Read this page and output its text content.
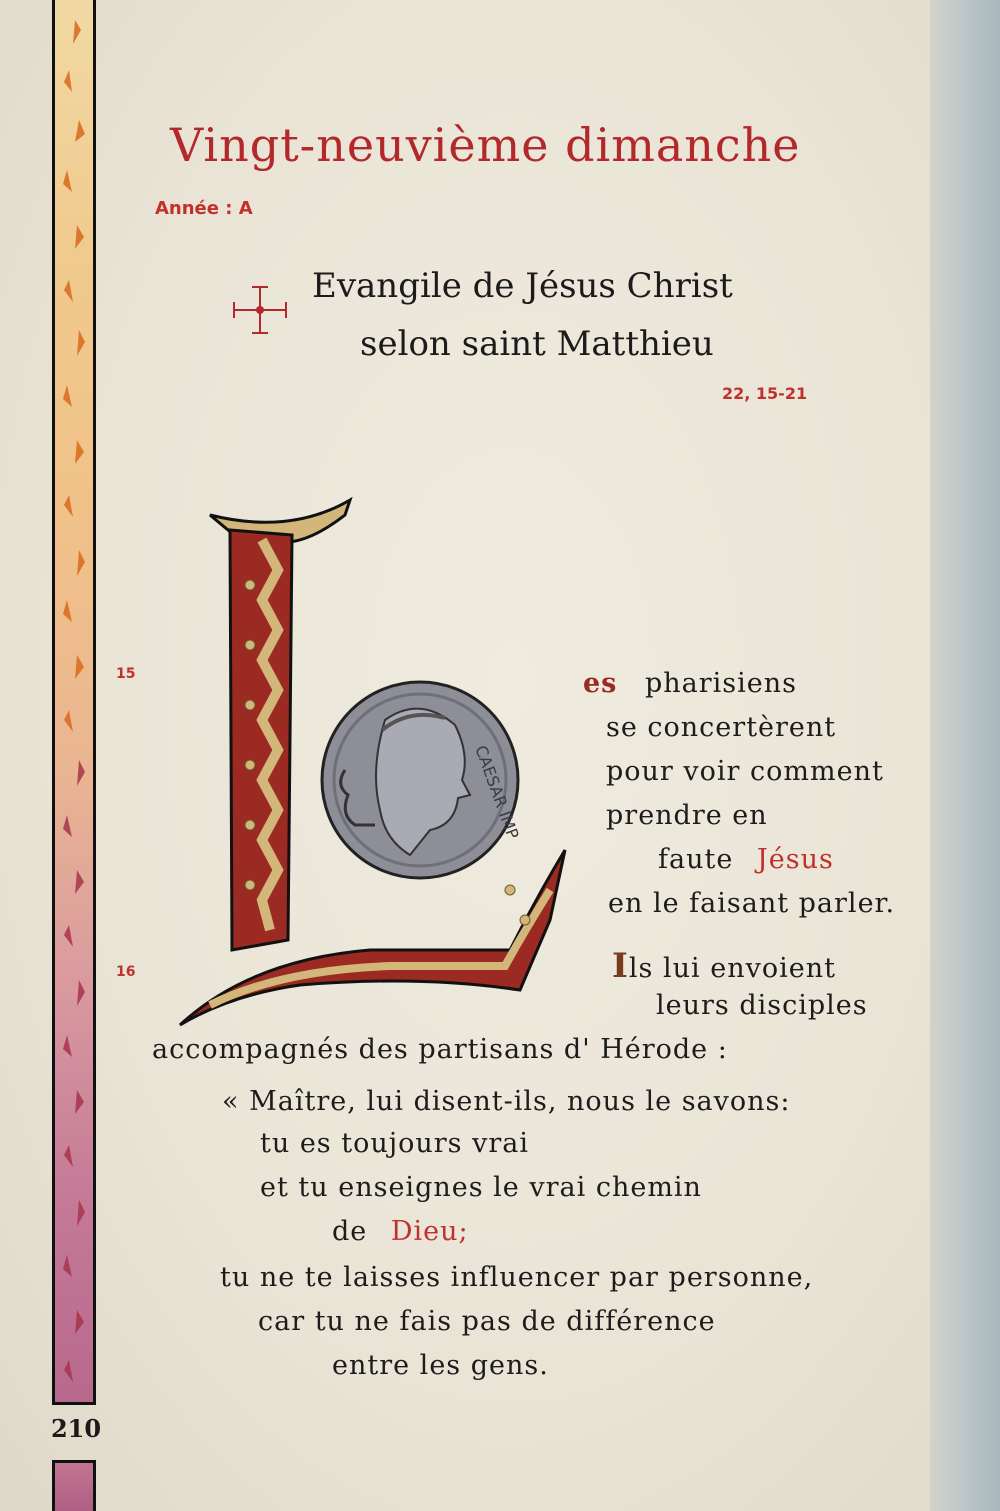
210
Vingt-neuvième dimanche
Année : A
Evangile de Jésus Christ
selon saint Matthieu
22, 15-21
15
16
CAESAR IMP
es pharisiens
se concertèrent
pour voir comment
prendre en
faute Jésus
en le faisant parler.
Ils lui envoient
leurs disciples
accompagnés des partisans d' Hérode :
« Maître, lui disent-ils, nous le savons:
tu es toujours vrai
et tu enseignes le vrai chemin
de Dieu;
tu ne te laisses influencer par personne,
car tu ne fais pas de différence
entre les gens.
